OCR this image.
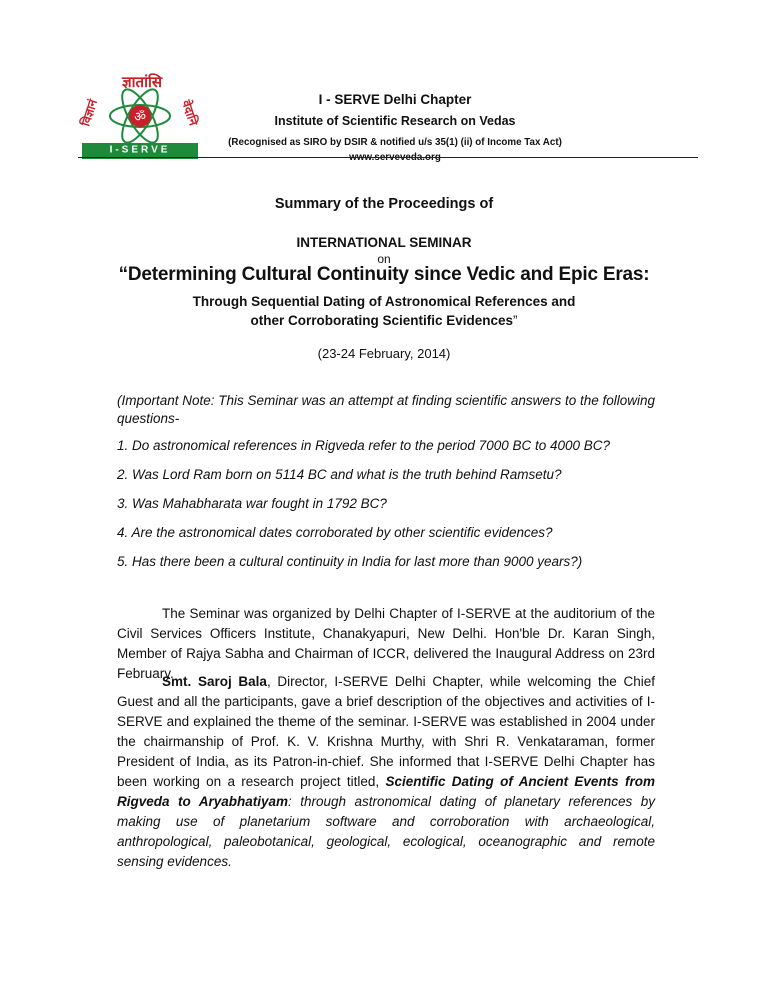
ज्ञातांसि
विज्ञानं	वेदानि
ॐ
I-SERVE
I - SERVE Delhi Chapter
Institute of Scientific Research on Vedas
(Recognised as SIRO by DSIR & notified u/s 35(1) (ii) of Income Tax Act)
www.serveveda.org
Summary of the Proceedings of
INTERNATIONAL SEMINAR
on
“Determining Cultural Continuity since Vedic and Epic Eras:
Through Sequential Dating of Astronomical References and
other Corroborating Scientific Evidences”
(23-24 February, 2014)
(Important Note: This Seminar was an attempt at finding scientific answers to the following questions-
1. Do astronomical references in Rigveda refer to the period 7000 BC to 4000 BC?
2. Was Lord Ram born on 5114 BC and what is the truth behind Ramsetu?
3. Was Mahabharata war fought in 1792 BC?
4. Are the astronomical dates corroborated by other scientific evidences?
5. Has there been a cultural continuity in India for last more than 9000 years?)
The Seminar was organized by Delhi Chapter of I-SERVE at the auditorium of the Civil Services Officers Institute, Chanakyapuri, New Delhi. Hon'ble Dr. Karan Singh, Member of Rajya Sabha and Chairman of ICCR, delivered the Inaugural Address on 23rd February.
Smt. Saroj Bala, Director, I-SERVE Delhi Chapter, while welcoming the Chief Guest and all the participants, gave a brief description of the objectives and activities of I-SERVE and explained the theme of the seminar. I-SERVE was established in 2004 under the chairmanship of Prof. K. V. Krishna Murthy, with Shri R. Venkataraman, former President of India, as its Patron-in-chief. She informed that I-SERVE Delhi Chapter has been working on a research project titled, Scientific Dating of Ancient Events from Rigveda to Aryabhatiyam: through astronomical dating of planetary references by making use of planetarium software and corroboration with archaeological, anthropological, paleobotanical, geological, ecological, oceanographic and remote sensing evidences.
